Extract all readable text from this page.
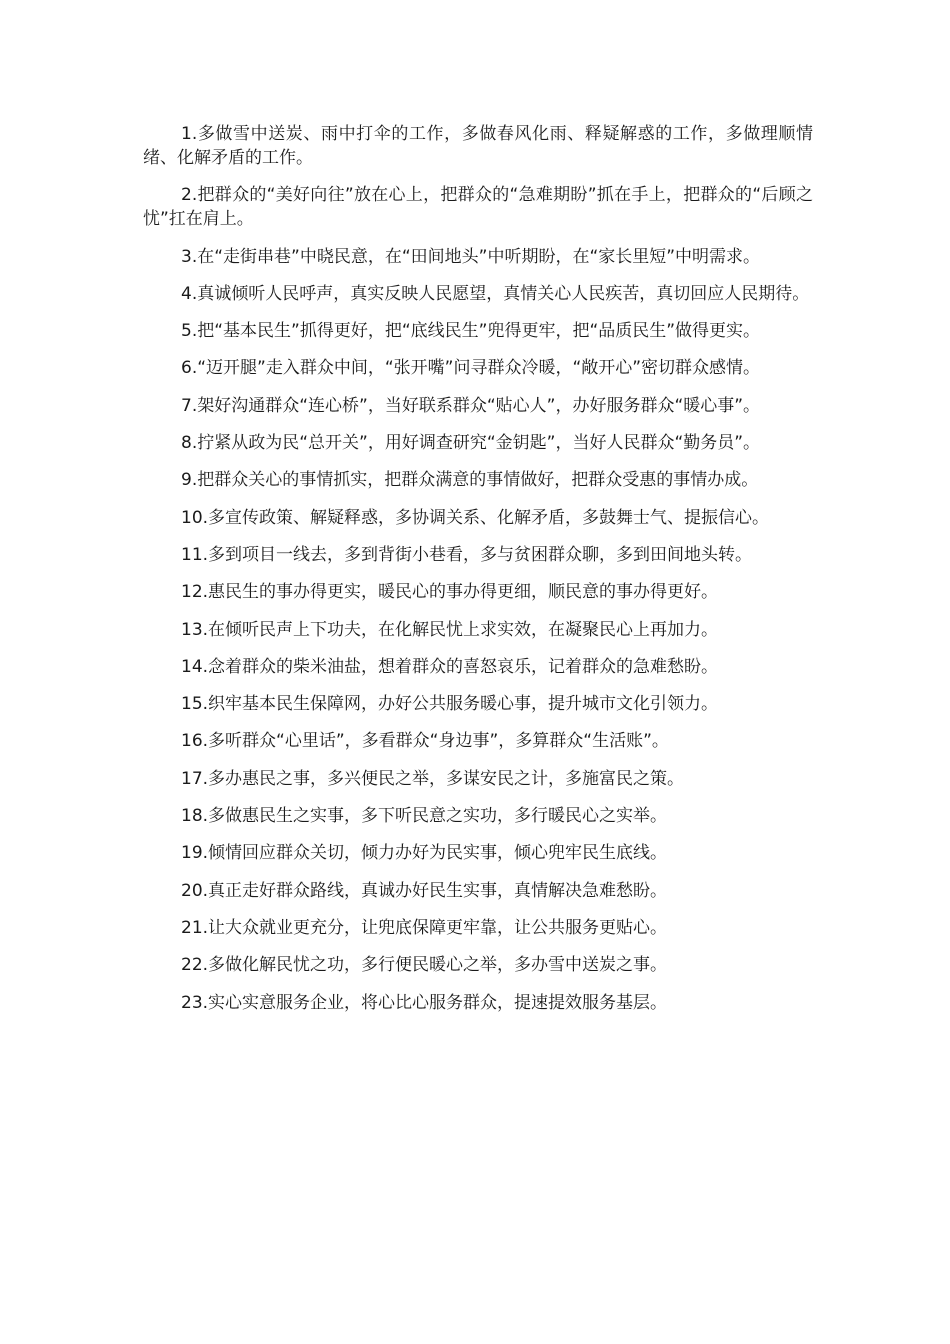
1.多做雪中送炭、雨中打伞的工作，多做春风化雨、释疑解惑的工作，多做理顺情绪、化解矛盾的工作。

2.把群众的“美好向往”放在心上，把群众的“急难期盼”抓在手上，把群众的“后顾之忧”扛在肩上。

3.在“走街串巷”中晓民意，在“田间地头”中听期盼，在“家长里短”中明需求。

4.真诚倾听人民呼声，真实反映人民愿望，真情关心人民疾苦，真切回应人民期待。

5.把“基本民生”抓得更好，把“底线民生”兜得更牢，把“品质民生”做得更实。

6.“迈开腿”走入群众中间，“张开嘴”问寻群众冷暖，“敞开心”密切群众感情。

7.架好沟通群众“连心桥”，当好联系群众“贴心人”，办好服务群众“暖心事”。

8.拧紧从政为民“总开关”，用好调查研究“金钥匙”，当好人民群众“勤务员”。

9.把群众关心的事情抓实，把群众满意的事情做好，把群众受惠的事情办成。

10.多宣传政策、解疑释惑，多协调关系、化解矛盾，多鼓舞士气、提振信心。

11.多到项目一线去，多到背街小巷看，多与贫困群众聊，多到田间地头转。

12.惠民生的事办得更实，暖民心的事办得更细，顺民意的事办得更好。

13.在倾听民声上下功夫，在化解民忧上求实效，在凝聚民心上再加力。

14.念着群众的柴米油盐，想着群众的喜怒哀乐，记着群众的急难愁盼。

15.织牢基本民生保障网，办好公共服务暖心事，提升城市文化引领力。

16.多听群众“心里话”，多看群众“身边事”，多算群众“生活账”。

17.多办惠民之事，多兴便民之举，多谋安民之计，多施富民之策。

18.多做惠民生之实事，多下听民意之实功，多行暖民心之实举。

19.倾情回应群众关切，倾力办好为民实事，倾心兜牢民生底线。

20.真正走好群众路线，真诚办好民生实事，真情解决急难愁盼。

21.让大众就业更充分，让兜底保障更牢靠，让公共服务更贴心。

22.多做化解民忧之功，多行便民暖心之举，多办雪中送炭之事。

23.实心实意服务企业，将心比心服务群众，提速提效服务基层。
